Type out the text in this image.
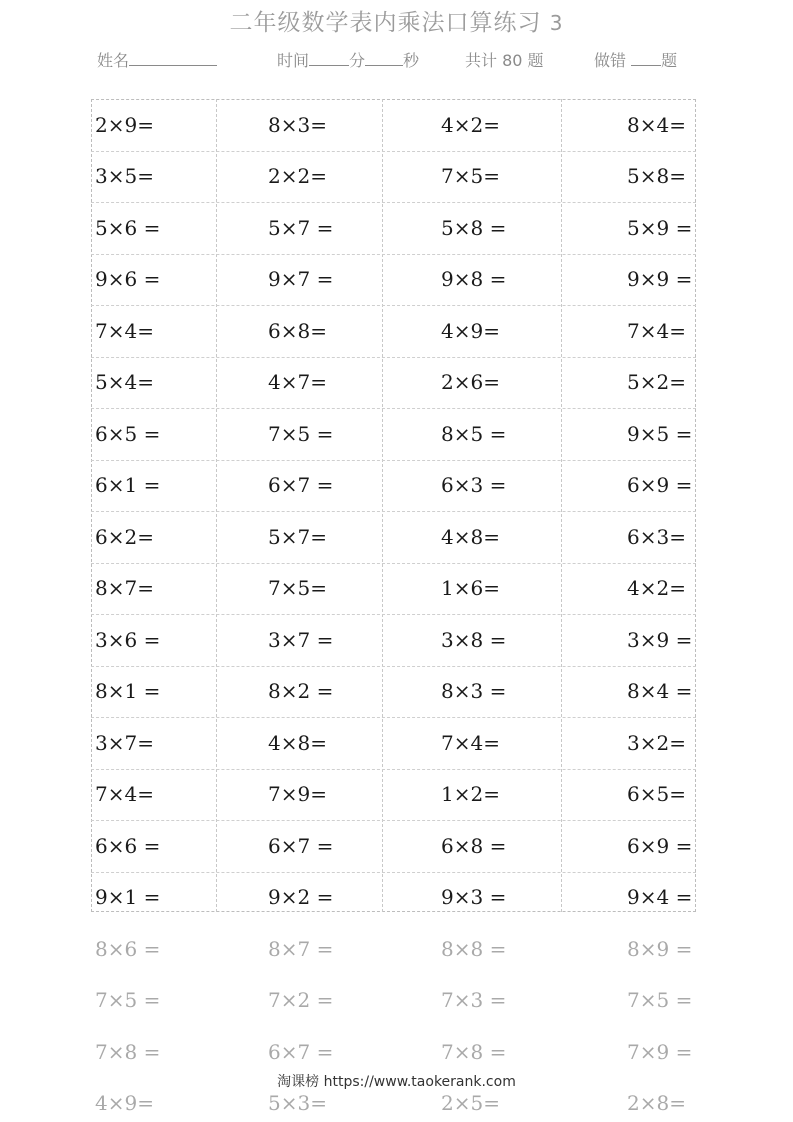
二年级数学表内乘法口算练习 3
姓名	时间	分 秒	共计 80 题	做错 题
2×9=	8×3=	4×2=	8×4=
3×5=	2×2=	7×5=	5×8=
5×6 =	5×7 =	5×8 =	5×9 =
9×6 =	9×7 =	9×8 =	9×9 =
7×4=	6×8=	4×9=	7×4=
5×4=	4×7=	2×6=	5×2=
6×5 =	7×5 =	8×5 =	9×5 =
6×1 =	6×7 =	6×3 =	6×9 =
6×2=	5×7=	4×8=	6×3=
8×7=	7×5=	1×6=	4×2=
3×6 =	3×7 =	3×8 =	3×9 =
8×1 =	8×2 =	8×3 =	8×4 =
3×7=	4×8=	7×4=	3×2=
7×4=	7×9=	1×2=	6×5=
6×6 =	6×7 =	6×8 =	6×9 =
9×1 =	9×2 =	9×3 =	9×4 =
8×6 =	8×7 =	8×8 =	8×9 =
7×5 =	7×2 =	7×3 =	7×5 =
7×8 =	6×7 =	7×8 =	7×9 =
4×9=	5×3=	2×5=	2×8=
淘课榜 https://www.taokerank.com
